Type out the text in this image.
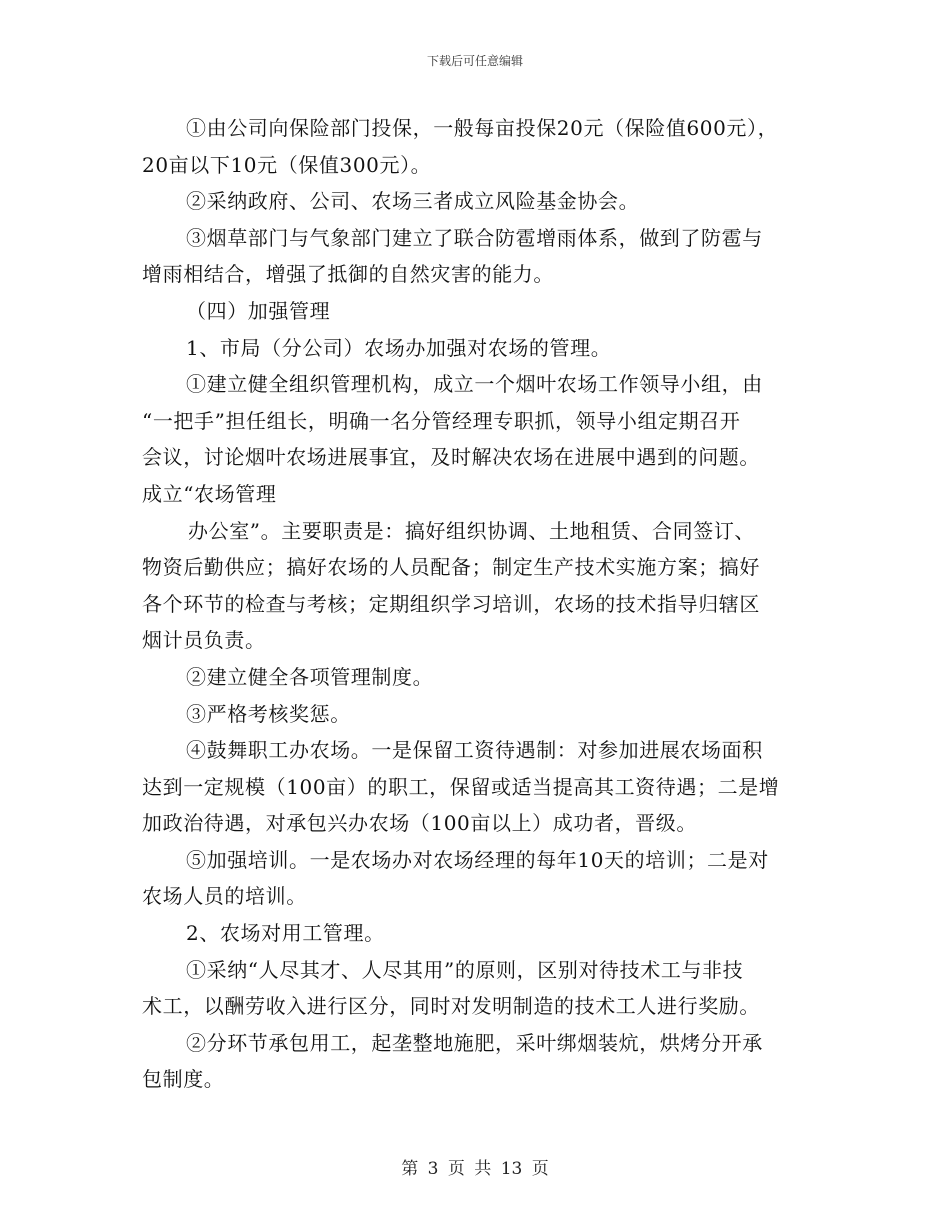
下载后可任意编辑
①由公司向保险部门投保，一般每亩投保20元（保险值600元），
20亩以下10元（保值300元）。
②采纳政府、公司、农场三者成立风险基金协会。
③烟草部门与气象部门建立了联合防雹增雨体系，做到了防雹与
增雨相结合，增强了抵御的自然灾害的能力。
（四）加强管理
1、市局（分公司）农场办加强对农场的管理。
①建立健全组织管理机构，成立一个烟叶农场工作领导小组，由
“一把手”担任组长，明确一名分管经理专职抓，领导小组定期召开
会议，讨论烟叶农场进展事宜，及时解决农场在进展中遇到的问题。
成立“农场管理
办公室”。主要职责是：搞好组织协调、土地租赁、合同签订、
物资后勤供应；搞好农场的人员配备；制定生产技术实施方案；搞好
各个环节的检查与考核；定期组织学习培训，农场的技术指导归辖区
烟计员负责。
②建立健全各项管理制度。
③严格考核奖惩。
④鼓舞职工办农场。一是保留工资待遇制：对参加进展农场面积
达到一定规模（100亩）的职工，保留或适当提高其工资待遇；二是增
加政治待遇，对承包兴办农场（100亩以上）成功者，晋级。
⑤加强培训。一是农场办对农场经理的每年10天的培训；二是对
农场人员的培训。
2、农场对用工管理。
①采纳“人尽其才、人尽其用”的原则，区别对待技术工与非技
术工，以酬劳收入进行区分，同时对发明制造的技术工人进行奖励。
②分环节承包用工，起垄整地施肥，采叶绑烟装炕，烘烤分开承
包制度。
第 3 页 共 13 页
